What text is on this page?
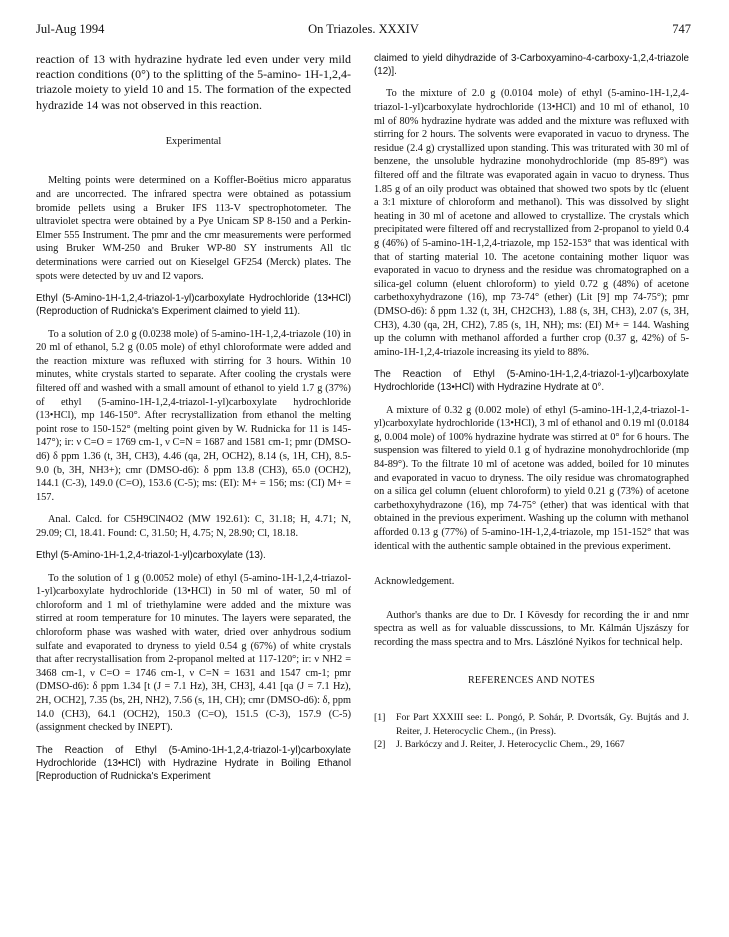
Jul-Aug 1994	On Triazoles. XXXIV	747

reaction of 13 with hydrazine hydrate led even under very mild reaction conditions (0°) to the splitting of the 5-amino- 1H-1,2,4-triazole moiety to yield 10 and 15. The formation of the expected hydrazide 14 was not observed in this reaction.

Experimental

Melting points were determined on a Koffler-Boëtius micro apparatus and are uncorrected. The infrared spectra were obtained as potassium bromide pellets using a Bruker IFS 113-V spectrophotometer. The ultraviolet spectra were obtained by a Pye Unicam SP 8-150 and a Perkin-Elmer 555 Instrument. The pmr and the cmr measurements were performed using Bruker WM-250 and Bruker WP-80 SY instruments All tlc determinations were carried out on Kieselgel GF254 (Merck) plates. The spots were detected by uv and I2 vapors.

Ethyl (5-Amino-1H-1,2,4-triazol-1-yl)carboxylate Hydrochloride (13•HCl) (Reproduction of Rudnicka's Experiment claimed to yield 11).

To a solution of 2.0 g (0.0238 mole) of 5-amino-1H-1,2,4-triazole (10) in 20 ml of ethanol, 5.2 g (0.05 mole) of ethyl chloroformate were added and the reaction mixture was refluxed with stirring for 3 hours. Within 10 minutes, white crystals started to separate. After cooling the crystals were filtered off and washed with a small amount of ethanol to yield 1.7 g (37%) of ethyl (5-amino-1H-1,2,4-triazol-1-yl)carboxylate hydrochloride (13•HCl), mp 146-150°. After recrystallization from ethanol the melting point rose to 150-152° (melting point given by W. Rudnicka for 11 is 145-147°); ir: ν C=O = 1769 cm-1, ν C=N = 1687 and 1581 cm-1; pmr (DMSO-d6) δ ppm 1.36 (t, 3H, CH3), 4.46 (qa, 2H, OCH2), 8.14 (s, 1H, CH), 8.5-9.0 (b, 3H, NH3+); cmr (DMSO-d6): δ ppm 13.8 (CH3), 65.0 (OCH2), 144.1 (C-3), 149.0 (C=O), 153.6 (C-5); ms: (EI): M+ = 156; ms: (CI) M+ = 157.

Anal. Calcd. for C5H9ClN4O2 (MW 192.61): C, 31.18; H, 4.71; N, 29.09; Cl, 18.41. Found: C, 31.50; H, 4.75; N, 28.90; Cl, 18.18.

Ethyl (5-Amino-1H-1,2,4-triazol-1-yl)carboxylate (13).

To the solution of 1 g (0.0052 mole) of ethyl (5-amino-1H-1,2,4-triazol-1-yl)carboxylate hydrochloride (13•HCl) in 50 ml of water, 50 ml of chloroform and 1 ml of triethylamine were added and the mixture was stirred at room temperature for 10 minutes. The layers were separated, the chloroform phase was washed with water, dried over anhydrous sodium sulfate and evaporated to dryness to yield 0.54 g (67%) of white crystals that after recrystallisation from 2-propanol melted at 117-120°; ir: ν NH2 = 3468 cm-1, ν C=O = 1746 cm-1, ν C=N = 1631 and 1547 cm-1; pmr (DMSO-d6): δ ppm 1.34 [t (J = 7.1 Hz), 3H, CH3], 4.41 [qa (J = 7.1 Hz), 2H, OCH2], 7.35 (bs, 2H, NH2), 7.56 (s, 1H, CH); cmr (DMSO-d6): δ, ppm 14.0 (CH3), 64.1 (OCH2), 150.3 (C=O), 151.5 (C-3), 157.9 (C-5) (assignment checked by INEPT).

The Reaction of Ethyl (5-Amino-1H-1,2,4-triazol-1-yl)carboxylate Hydrochloride (13•HCl) with Hydrazine Hydrate in Boiling Ethanol [Reproduction of Rudnicka's Experiment

claimed to yield dihydrazide of 3-Carboxyamino-4-carboxy-1,2,4-triazole (12)].

To the mixture of 2.0 g (0.0104 mole) of ethyl (5-amino-1H-1,2,4-triazol-1-yl)carboxylate hydrochloride (13•HCl) and 10 ml of ethanol, 10 ml of 80% hydrazine hydrate was added and the mixture was refluxed with stirring for 2 hours. The solvents were evaporated in vacuo to dryness. The residue (2.4 g) crystallized upon standing. This was triturated with 30 ml of benzene, the unsoluble hydrazine monohydrochloride (mp 85-89°) was filtered off and the filtrate was evaporated again in vacuo to dryness. Thus 1.85 g of an oily product was obtained that showed two spots by tlc (eluent a 3:1 mixture of chloroform and methanol). This was dissolved by slight heating in 30 ml of acetone and allowed to crystallize. The crystals which precipitated were filtered off and recrystallized from 2-propanol to yield 0.4 g (46%) of 5-amino-1H-1,2,4-triazole, mp 152-153° that was identical with that of starting material 10. The acetone containing mother liquor was evaporated in vacuo to dryness and the residue was chromatographed on a silica-gel column (eluent chloroform) to yield 0.72 g (48%) of acetone carbethoxyhydrazone (16), mp 73-74° (ether) (Lit [9] mp 74-75°); pmr (DMSO-d6): δ ppm 1.32 (t, 3H, CH2CH3), 1.88 (s, 3H, CH3), 2.07 (s, 3H, CH3), 4.30 (qa, 2H, CH2), 7.85 (s, 1H, NH); ms: (EI) M+ = 144. Washing up the column with methanol afforded a further crop (0.37 g, 42%) of 5-amino-1H-1,2,4-triazole increasing its yield to 88%.

The Reaction of Ethyl (5-Amino-1H-1,2,4-triazol-1-yl)carboxylate Hydrochloride (13•HCl) with Hydrazine Hydrate at 0°.

A mixture of 0.32 g (0.002 mole) of ethyl (5-amino-1H-1,2,4-triazol-1-yl)carboxylate hydrochloride (13•HCl), 3 ml of ethanol and 0.19 ml (0.0184 g, 0.004 mole) of 100% hydrazine hydrate was stirred at 0° for 6 hours. The suspension was filtered to yield 0.1 g of hydrazine monohydrochloride (mp 84-89°). To the filtrate 10 ml of acetone was added, boiled for 10 minutes and evaporated in vacuo to dryness. The oily residue was chromatographed on a silica gel column (eluent chloroform) to yield 0.21 g (73%) of acetone carbethoxyhydrazone (16), mp 74-75° (ether) that was identical with that obtained in the previous experiment. Washing up the column with methanol afforded 0.13 g (77%) of 5-amino-1H-1,2,4-triazole, mp 151-152° that was identical with the authentic sample obtained in the previous experiment.

Acknowledgement.

Author's thanks are due to Dr. I Kövesdy for recording the ir and nmr spectra as well as for valuable disscussions, to Mr. Kálmán Ujszászy for recording the mass spectra and to Mrs. Lászlóné Nyikos for technical help.

REFERENCES AND NOTES

[1] For Part XXXIII see: L. Pongó, P. Sohár, P. Dvortsák, Gy. Bujtás and J. Reiter, J. Heterocyclic Chem., (in Press).

[2] J. Barkóczy and J. Reiter, J. Heterocyclic Chem., 29, 1667
